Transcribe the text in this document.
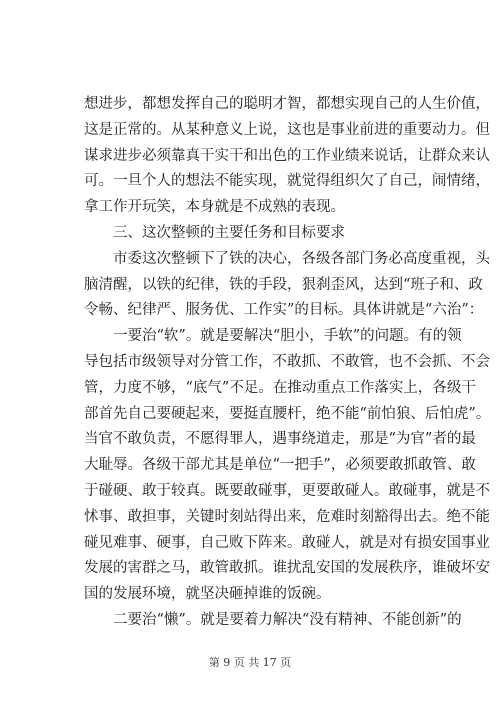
想进步，都想发挥自己的聪明才智，都想实现自己的人生价值，
这是正常的。从某种意义上说，这也是事业前进的重要动力。但
谋求进步必须靠真干实干和出色的工作业绩来说话，让群众来认
可。一旦个人的想法不能实现，就觉得组织欠了自己，闹情绪，
拿工作开玩笑，本身就是不成熟的表现。
三、这次整顿的主要任务和目标要求
市委这次整顿下了铁的决心，各级各部门务必高度重视，头
脑清醒，以铁的纪律，铁的手段，狠刹歪风，达到“班子和、政
令畅、纪律严、服务优、工作实”的目标。具体讲就是“六治”：
一要治“软”。就是要解决“胆小，手软”的问题。有的领
导包括市级领导对分管工作，不敢抓、不敢管，也不会抓、不会
管，力度不够，“底气”不足。在推动重点工作落实上，各级干
部首先自己要硬起来，要挺直腰杆，绝不能“前怕狼、后怕虎”。
当官不敢负责，不愿得罪人，遇事绕道走，那是“为官”者的最
大耻辱。各级干部尤其是单位“一把手”，必须要敢抓敢管、敢
于碰硬、敢于较真。既要敢碰事，更要敢碰人。敢碰事，就是不
怵事、敢担事，关键时刻站得出来，危难时刻豁得出去。绝不能
碰见难事、硬事，自己败下阵来。敢碰人，就是对有损安国事业
发展的害群之马，敢管敢抓。谁扰乱安国的发展秩序，谁破坏安
国的发展环境，就坚决砸掉谁的饭碗。
二要治“懒”。就是要着力解决“没有精神、不能创新”的
第 9 页 共 17 页
